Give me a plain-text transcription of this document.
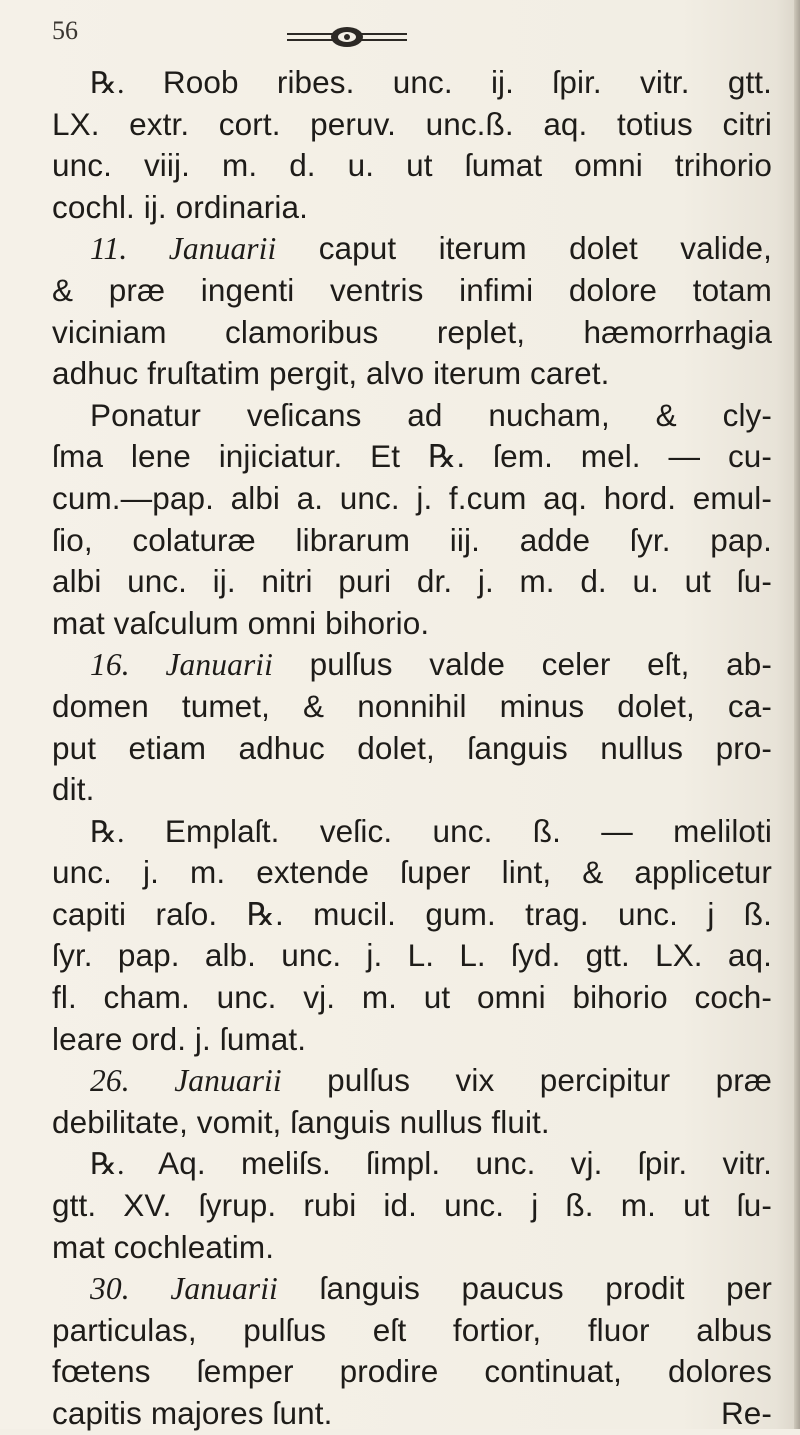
56
℞. Roob ribes. unc. ij. ſpir. vitr. gtt.
LX. extr. cort. peruv. unc.ß. aq. totius citri
unc. viij. m. d. u. ut ſumat omni trihorio
cochl. ij. ordinaria.
11. Januarii caput iterum dolet valide,
& præ ingenti ventris infimi dolore totam
viciniam clamoribus replet, hæmorrhagia
adhuc fruſtatim pergit, alvo iterum caret.
Ponatur veſicans ad nucham, & cly-
ſma lene injiciatur. Et ℞. ſem. mel. — cu-
cum.—pap. albi a. unc. j. f.cum aq. hord. emul-
ſio, colaturæ librarum iij. adde ſyr. pap.
albi unc. ij. nitri puri dr. j. m. d. u. ut ſu-
mat vaſculum omni bihorio.
16. Januarii pulſus valde celer eſt, ab-
domen tumet, & nonnihil minus dolet, ca-
put etiam adhuc dolet, ſanguis nullus pro-
dit.
℞. Emplaſt. veſic. unc. ß. — meliloti
unc. j. m. extende ſuper lint, & applicetur
capiti raſo. ℞. mucil. gum. trag. unc. j ß.
ſyr. pap. alb. unc. j. L. L. ſyd. gtt. LX. aq.
fl. cham. unc. vj. m. ut omni bihorio coch-
leare ord. j. ſumat.
26. Januarii pulſus vix percipitur præ
debilitate, vomit, ſanguis nullus fluit.
℞. Aq. meliſs. ſimpl. unc. vj. ſpir. vitr.
gtt. XV. ſyrup. rubi id. unc. j ß. m. ut ſu-
mat cochleatim.
30. Januarii ſanguis paucus prodit per
particulas, pulſus eſt fortior, fluor albus
fœtens ſemper prodire continuat, dolores
capitis majores ſunt.	Re-
